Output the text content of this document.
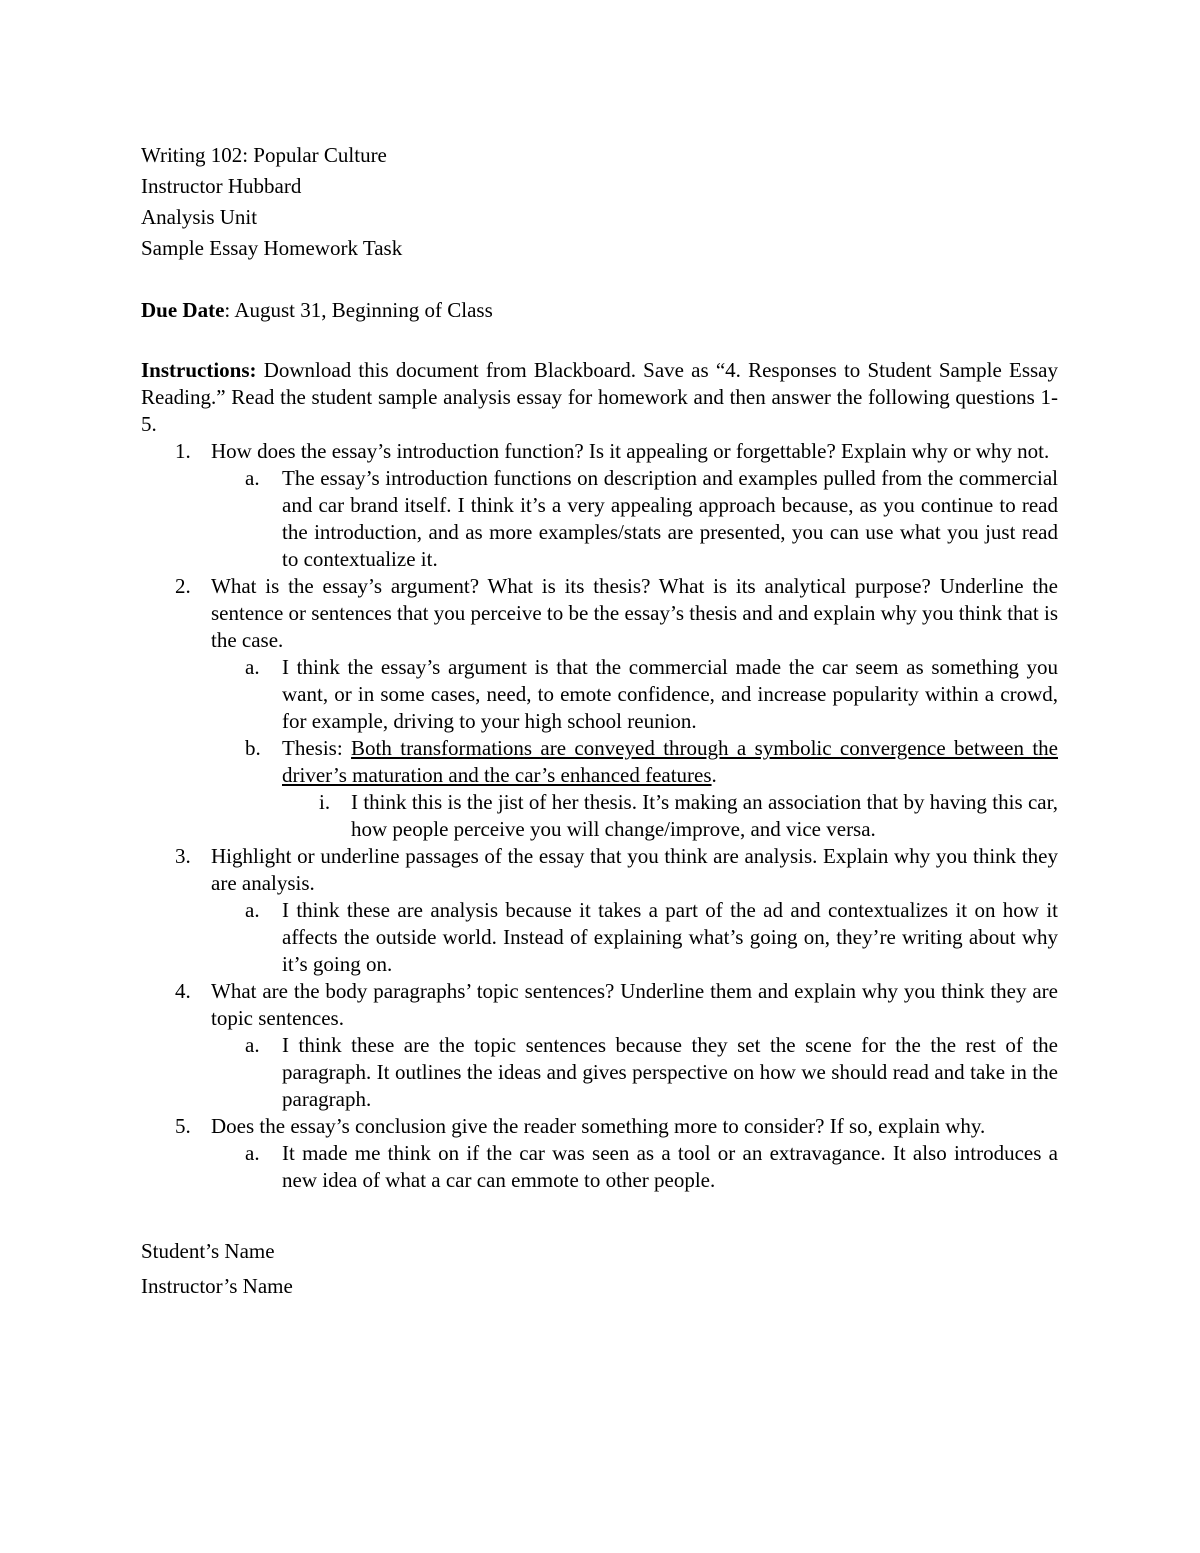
Writing 102: Popular Culture

Instructor Hubbard

Analysis Unit

Sample Essay Homework Task

Due Date: August 31, Beginning of Class

Instructions: Download this document from Blackboard. Save as “4. Responses to Student Sample Essay Reading.” Read the student sample analysis essay for homework and then answer the following questions 1-5.

1. How does the essay’s introduction function? Is it appealing or forgettable? Explain why or why not.
a. The essay’s introduction functions on description and examples pulled from the commercial and car brand itself. I think it’s a very appealing approach because, as you continue to read the introduction, and as more examples/stats are presented, you can use what you just read to contextualize it.
2. What is the essay’s argument? What is its thesis? What is its analytical purpose? Underline the sentence or sentences that you perceive to be the essay’s thesis and and explain why you think that is the case.
a. I think the essay’s argument is that the commercial made the car seem as something you want, or in some cases, need, to emote confidence, and increase popularity within a crowd, for example, driving to your high school reunion.
b. Thesis: Both transformations are conveyed through a symbolic convergence between the driver’s maturation and the car’s enhanced features.
i. I think this is the jist of her thesis. It’s making an association that by having this car, how people perceive you will change/improve, and vice versa.
3. Highlight or underline passages of the essay that you think are analysis. Explain why you think they are analysis.
a. I think these are analysis because it takes a part of the ad and contextualizes it on how it affects the outside world. Instead of explaining what’s going on, they’re writing about why it’s going on.
4. What are the body paragraphs’ topic sentences? Underline them and explain why you think they are topic sentences.
a. I think these are the topic sentences because they set the scene for the the rest of the paragraph. It outlines the ideas and gives perspective on how we should read and take in the paragraph.
5. Does the essay’s conclusion give the reader something more to consider? If so, explain why.
a. It made me think on if the car was seen as a tool or an extravagance. It also introduces a new idea of what a car can emmote to other people.

Student’s Name

Instructor’s Name
